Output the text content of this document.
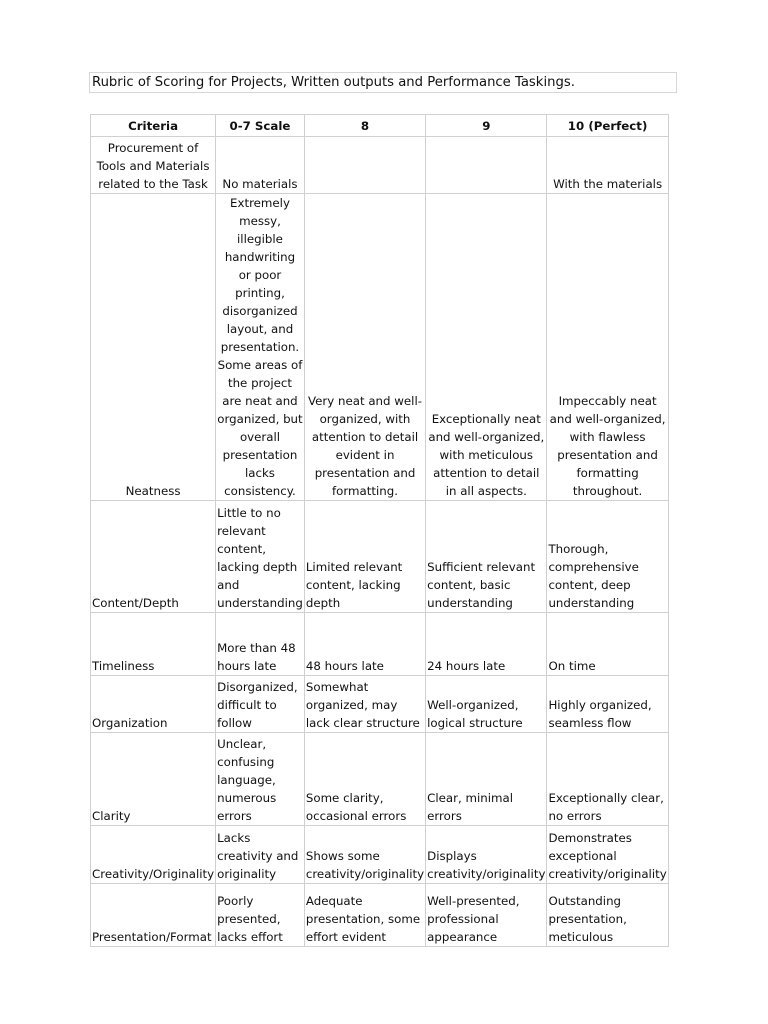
Rubric of Scoring for Projects, Written outputs and Performance Taskings.
Criteria	0-7 Scale	8	9	10 (Perfect)
Procurement of Tools and Materials related to the Task	No materials			With the materials
Neatness	Extremely messy, illegible handwriting or poor printing, disorganized layout, and presentation. Some areas of the project are neat and organized, but overall presentation lacks consistency.	Very neat and well-organized, with attention to detail evident in presentation and formatting.	Exceptionally neat and well-organized, with meticulous attention to detail in all aspects.	Impeccably neat and well-organized, with flawless presentation and formatting throughout.
Content/Depth	Little to no relevant content, lacking depth and understanding	Limited relevant content, lacking depth	Sufficient relevant content, basic understanding	Thorough, comprehensive content, deep understanding
Timeliness	More than 48 hours late	48 hours late	24 hours late	On time
Organization	Disorganized, difficult to follow	Somewhat organized, may lack clear structure	Well-organized, logical structure	Highly organized, seamless flow
Clarity	Unclear, confusing language, numerous errors	Some clarity, occasional errors	Clear, minimal errors	Exceptionally clear, no errors
Creativity/Originality	Lacks creativity and originality	Shows some creativity/originality	Displays creativity/originality	Demonstrates exceptional creativity/originality
Presentation/Format	Poorly presented, lacks effort	Adequate presentation, some effort evident	Well-presented, professional appearance	Outstanding presentation, meticulous
